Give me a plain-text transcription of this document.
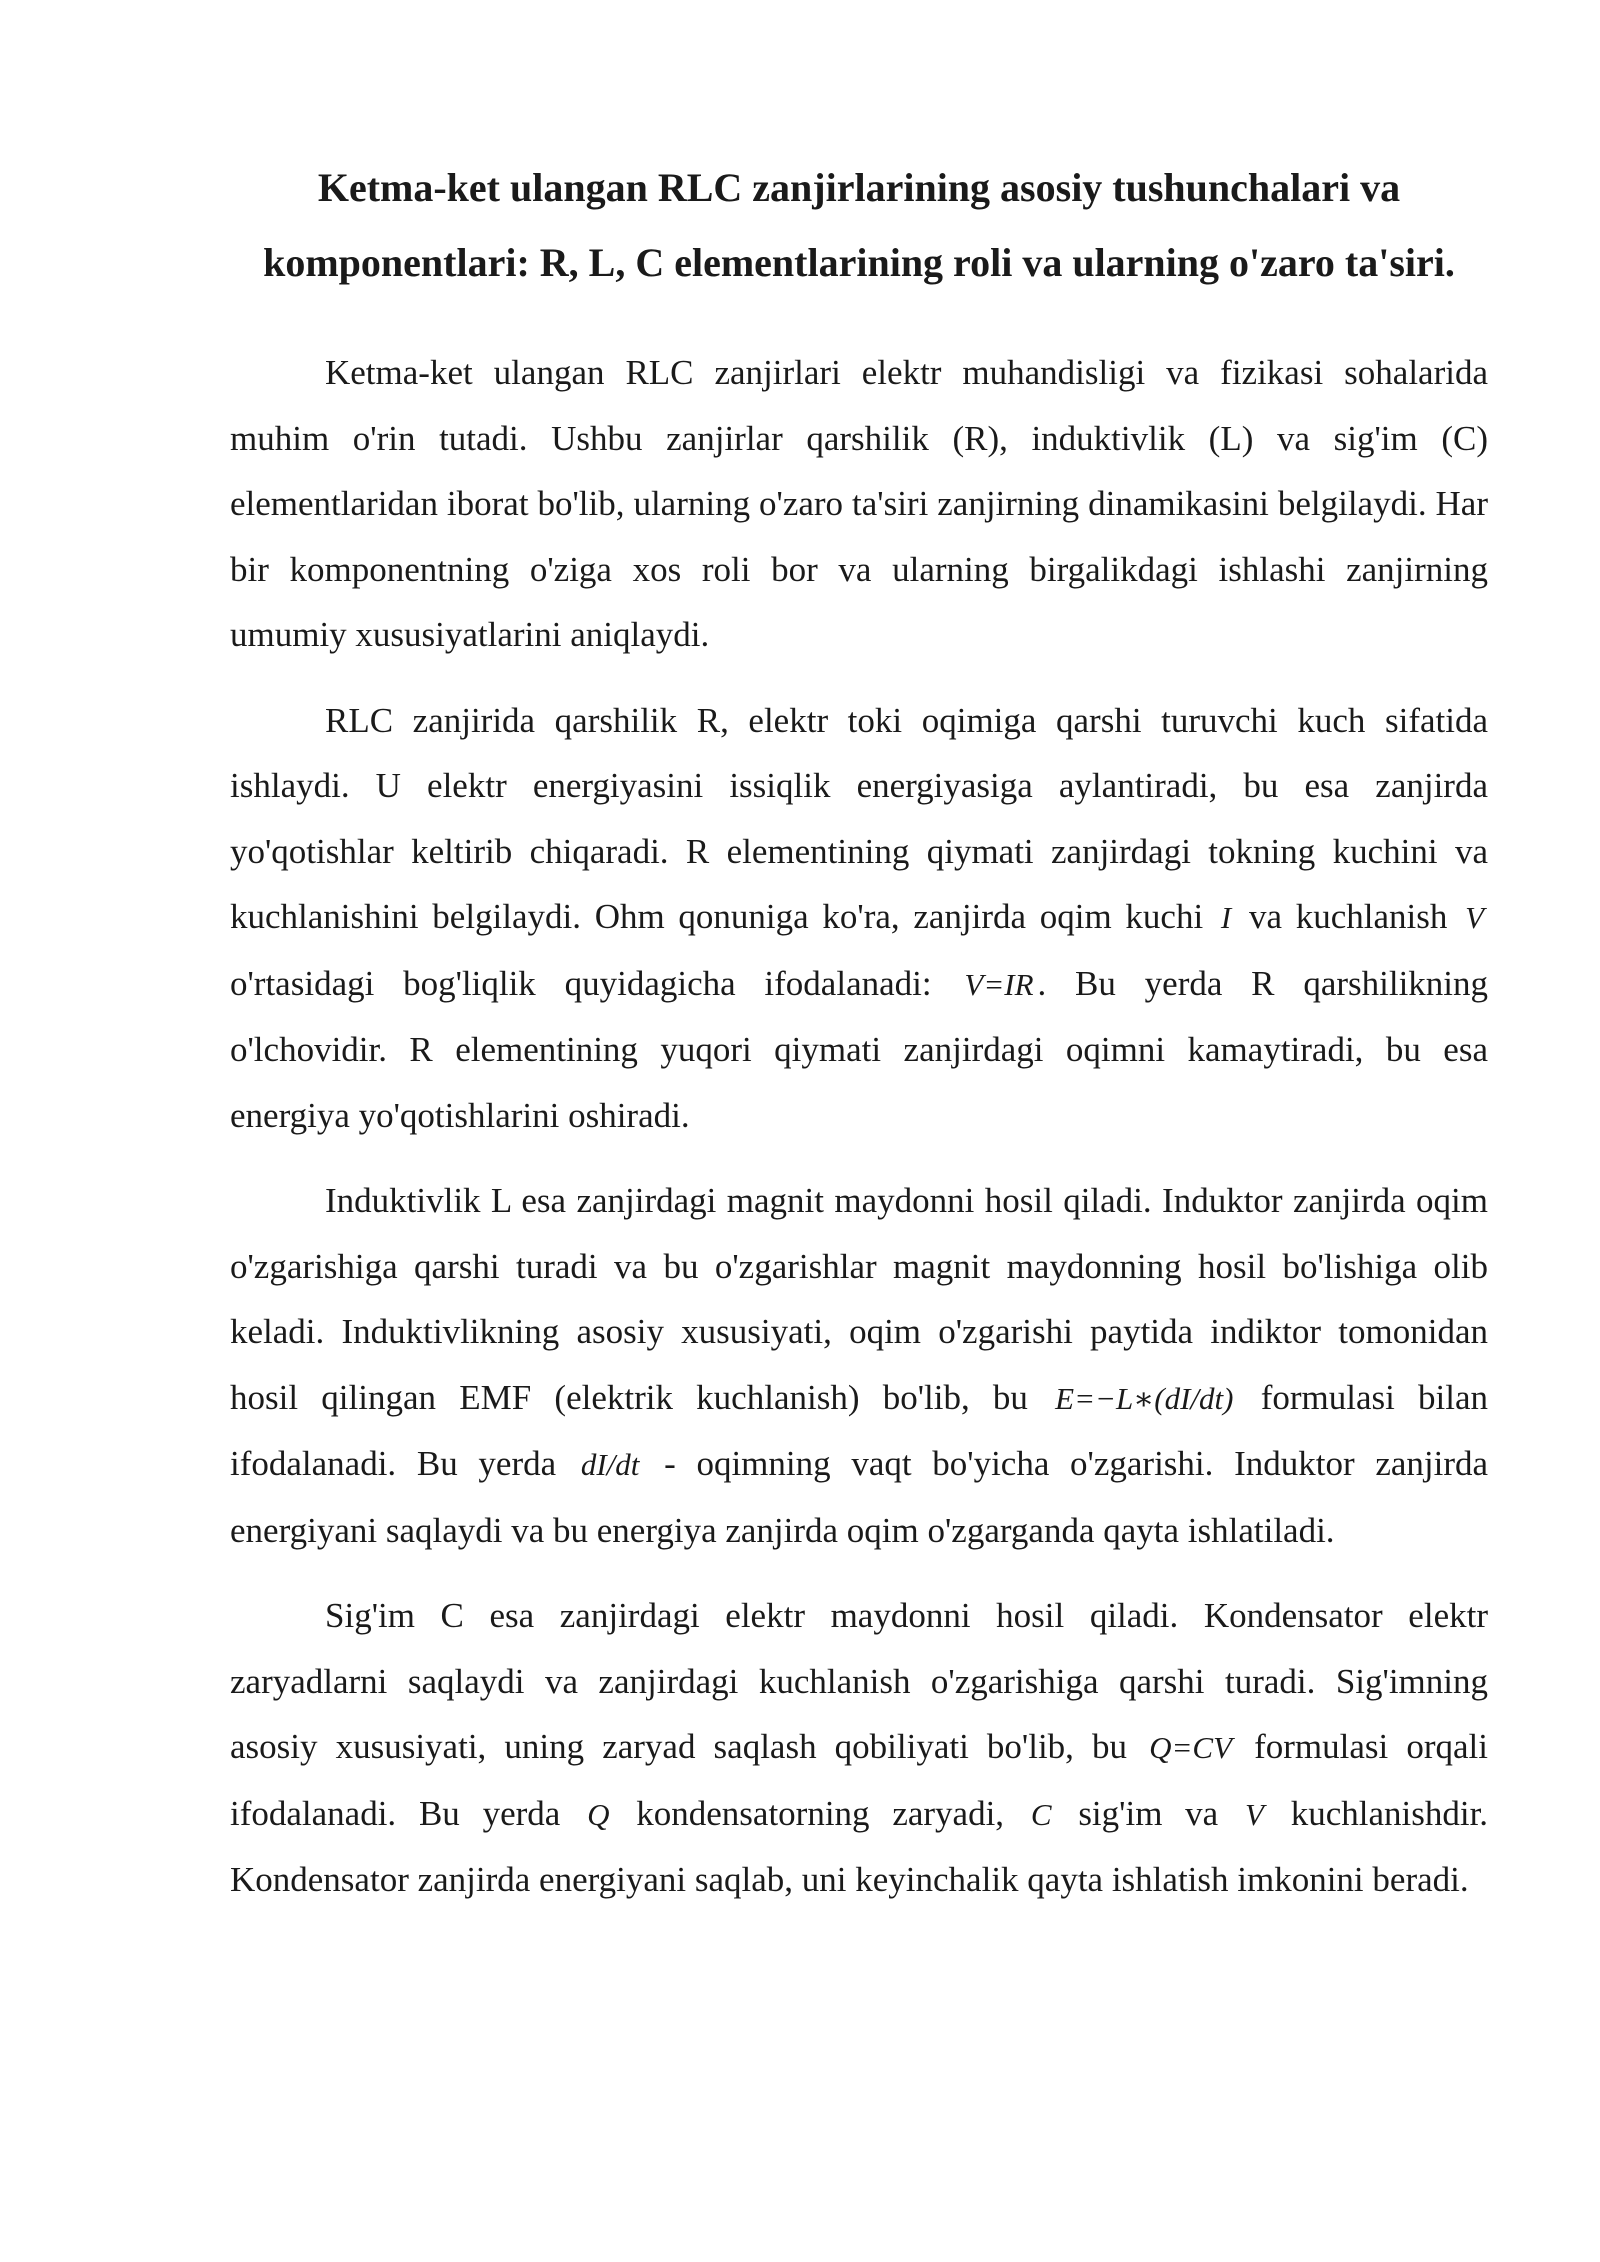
Ketma-ket ulangan RLC zanjirlarining asosiy tushunchalari va komponentlari: R, L, C elementlarining roli va ularning o'zaro ta'siri.

Ketma-ket ulangan RLC zanjirlari elektr muhandisligi va fizikasi sohalarida muhim o'rin tutadi. Ushbu zanjirlar qarshilik (R), induktivlik (L) va sig'im (C) elementlaridan iborat bo'lib, ularning o'zaro ta'siri zanjirning dinamikasini belgilaydi. Har bir komponentning o'ziga xos roli bor va ularning birgalikdagi ishlashi zanjirning umumiy xususiyatlarini aniqlaydi.

RLC zanjirida qarshilik R, elektr toki oqimiga qarshi turuvchi kuch sifatida ishlaydi. U elektr energiyasini issiqlik energiyasiga aylantiradi, bu esa zanjirda yo'qotishlar keltirib chiqaradi. R elementining qiymati zanjirdagi tokning kuchini va kuchlanishini belgilaydi. Ohm qonuniga ko'ra, zanjirda oqim kuchi I va kuchlanish V o'rtasidagi bog'liqlik quyidagicha ifodalanadi: V=IR . Bu yerda R qarshilikning o'lchovidir. R elementining yuqori qiymati zanjirdagi oqimni kamaytiradi, bu esa energiya yo'qotishlarini oshiradi.

Induktivlik L esa zanjirdagi magnit maydonni hosil qiladi. Induktor zanjirda oqim o'zgarishiga qarshi turadi va bu o'zgarishlar magnit maydonning hosil bo'lishiga olib keladi. Induktivlikning asosiy xususiyati, oqim o'zgarishi paytida indiktor tomonidan hosil qilingan EMF (elektrik kuchlanish) bo'lib, bu E=−L∗(dI/dt) formulasi bilan ifodalanadi. Bu yerda dI/dt - oqimning vaqt bo'yicha o'zgarishi. Induktor zanjirda energiyani saqlaydi va bu energiya zanjirda oqim o'zgarganda qayta ishlatiladi.

Sig'im C esa zanjirdagi elektr maydonni hosil qiladi. Kondensator elektr zaryadlarni saqlaydi va zanjirdagi kuchlanish o'zgarishiga qarshi turadi. Sig'imning asosiy xususiyati, uning zaryad saqlash qobiliyati bo'lib, bu Q=CV formulasi orqali ifodalanadi. Bu yerda Q kondensatorning zaryadi, C sig'im va V kuchlanishdir. Kondensator zanjirda energiyani saqlab, uni keyinchalik qayta ishlatish imkonini beradi.
